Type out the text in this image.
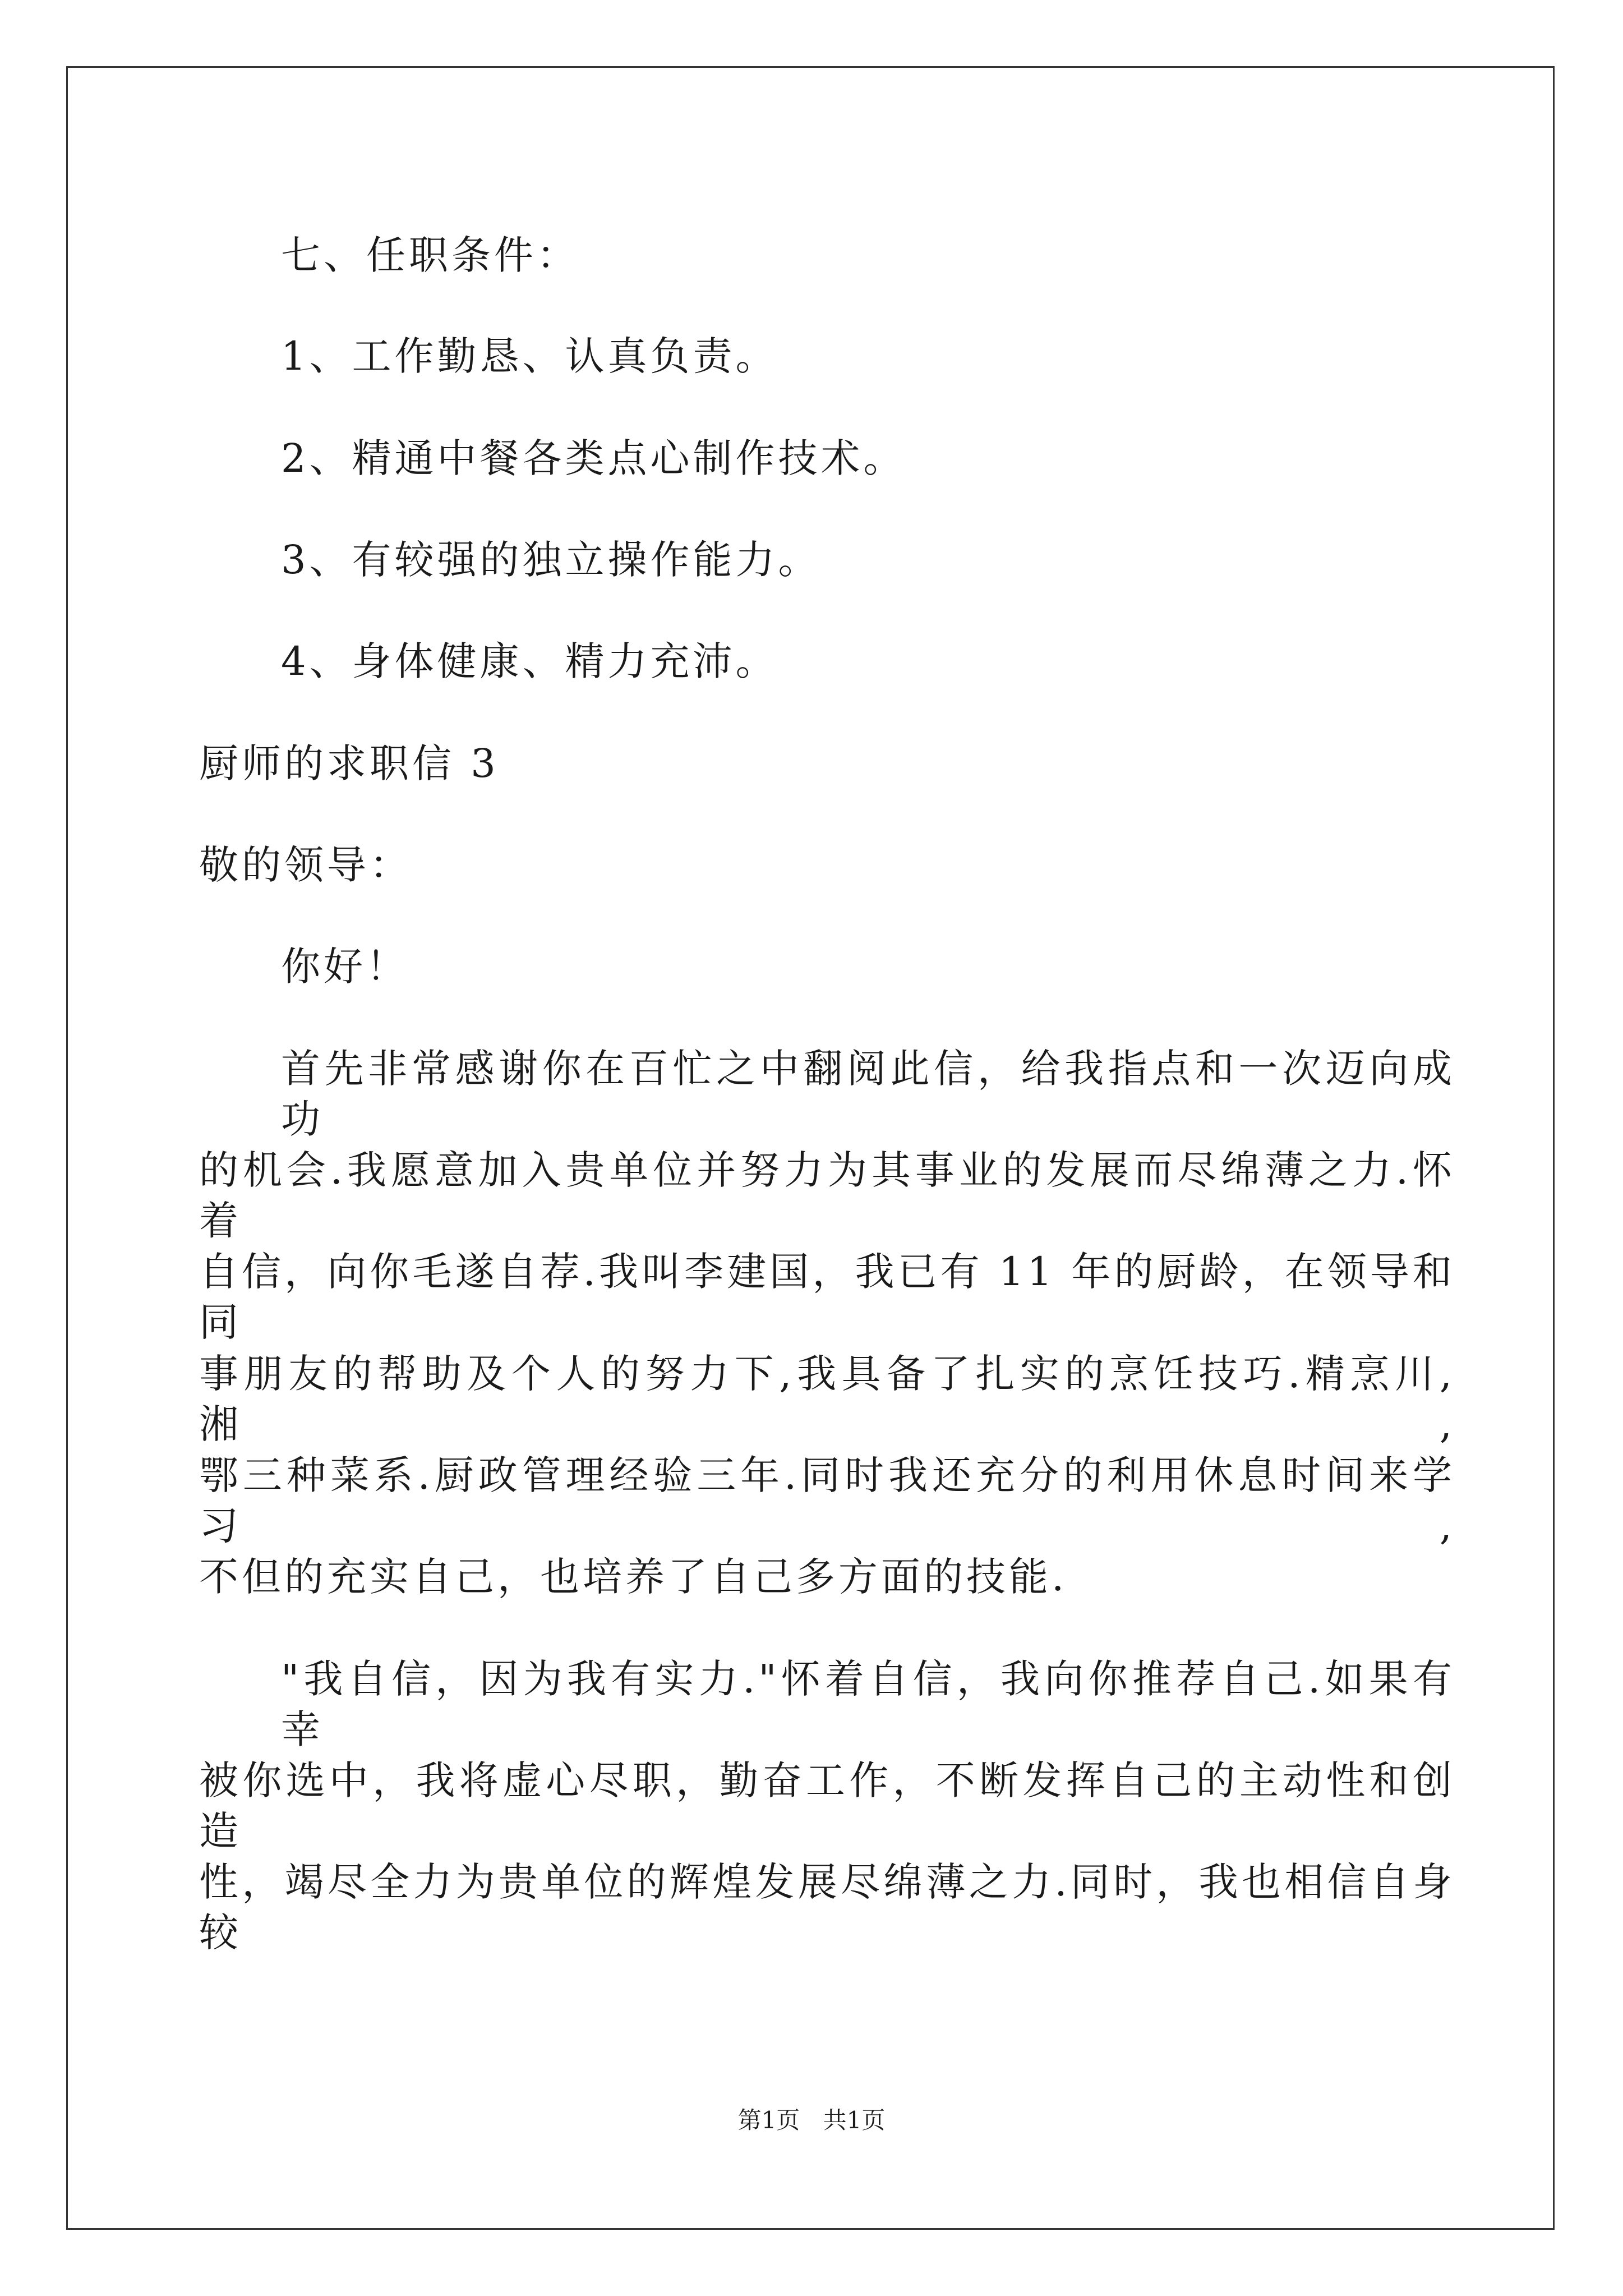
七、任职条件：
1、工作勤恳、认真负责。
2、精通中餐各类点心制作技术。
3、有较强的独立操作能力。
4、身体健康、精力充沛。
厨师的求职信 3
敬的领导：
你好！
首先非常感谢你在百忙之中翻阅此信，给我指点和一次迈向成功
的机会.我愿意加入贵单位并努力为其事业的发展而尽绵薄之力.怀着
自信，向你毛遂自荐.我叫李建国，我已有 11 年的厨龄，在领导和同
事朋友的帮助及个人的努力下,我具备了扎实的烹饪技巧.精烹川,湘,
鄂三种菜系.厨政管理经验三年.同时我还充分的利用休息时间来学习,
不但的充实自己，也培养了自己多方面的技能.
"我自信，因为我有实力."怀着自信，我向你推荐自己.如果有幸
被你选中，我将虚心尽职，勤奋工作，不断发挥自己的主动性和创造
性，竭尽全力为贵单位的辉煌发展尽绵薄之力.同时，我也相信自身较
第1页 共1页
